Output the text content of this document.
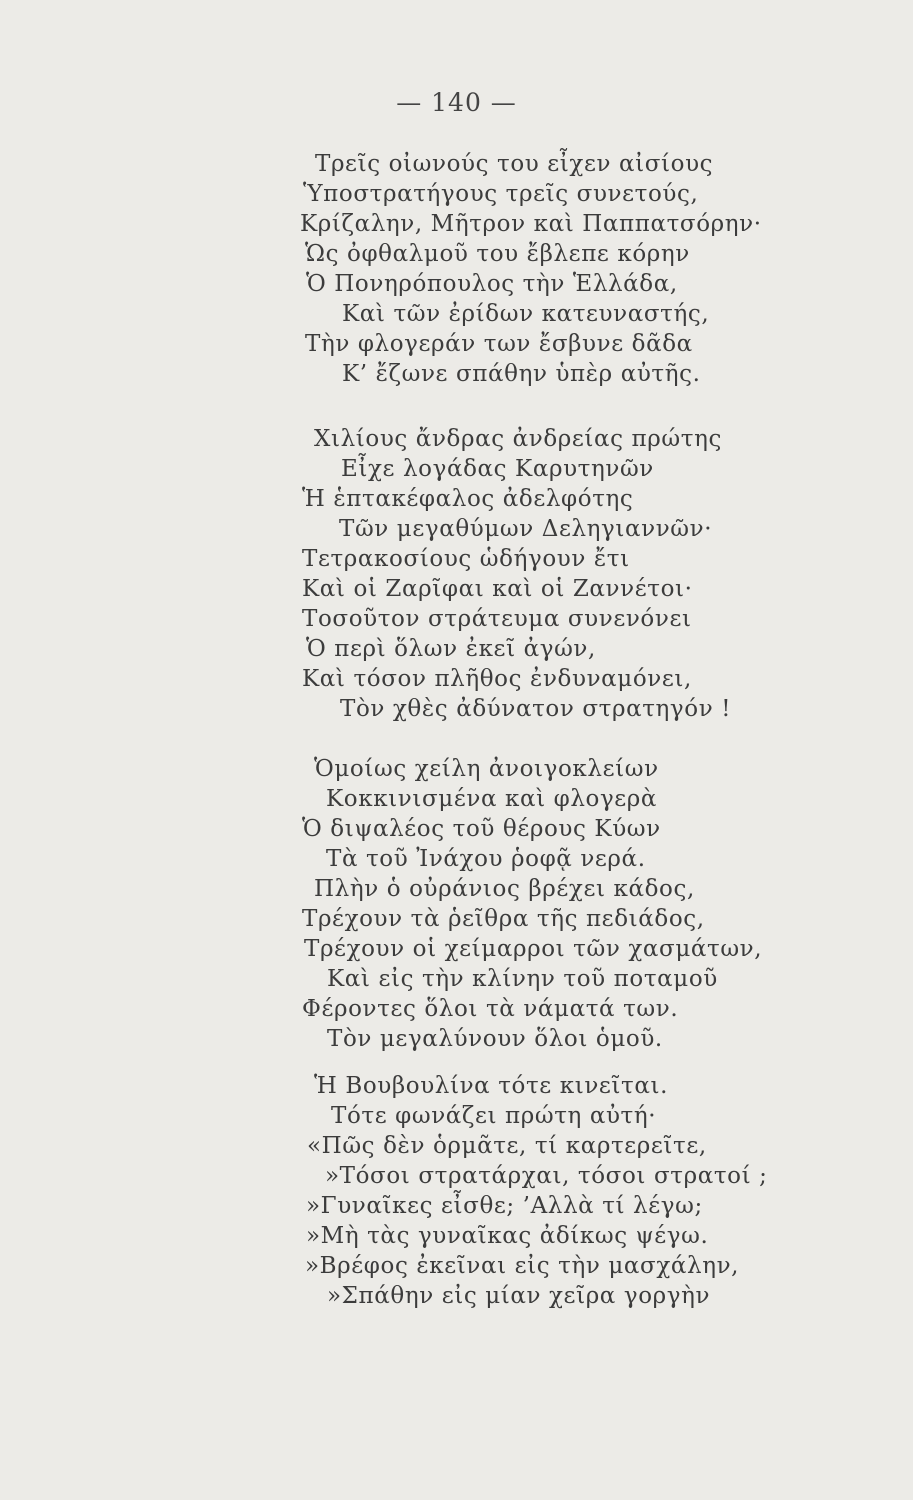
— 140 —
Τρεῖς οἰωνούς του εἶχεν αἰσίους
Ὑποστρατήγους τρεῖς συνετούς,
Κρίζαλην, Μῆτρον καὶ Παππατσόρην·
Ὡς ὀφθαλμοῦ του ἔβλεπε κόρην
Ὁ Πονηρόπουλος τὴν Ἑλλάδα,
Καὶ τῶν ἐρίδων κατευναστής,
Τὴν φλογεράν των ἔσβυνε δᾶδα
Κ’ ἔζωνε σπάθην ὑπὲρ αὐτῆς.
Χιλίους ἄνδρας ἀνδρείας πρώτης
Εἶχε λογάδας Καρυτηνῶν
Ἡ ἑπτακέφαλος ἀδελφότης
Τῶν μεγαθύμων Δεληγιαννῶν·
Τετρακοσίους ὡδήγουν ἔτι
Καὶ οἱ Ζαρῖφαι καὶ οἱ Ζαννέτοι·
Τοσοῦτον στράτευμα συνενόνει
Ὁ περὶ ὅλων ἐκεῖ ἀγών,
Καὶ τόσον πλῆθος ἐνδυναμόνει,
Τὸν χθὲς ἀδύνατον στρατηγόν !
Ὁμοίως χείλη ἀνοιγοκλείων
Κοκκινισμένα καὶ φλογερὰ
Ὁ διψαλέος τοῦ θέρους Κύων
Τὰ τοῦ Ἰνάχου ῥοφᾷ νερά.
Πλὴν ὁ οὐράνιος βρέχει κάδος,
Τρέχουν τὰ ῥεῖθρα τῆς πεδιάδος,
Τρέχουν οἱ χείμαρροι τῶν χασμάτων,
Καὶ εἰς τὴν κλίνην τοῦ ποταμοῦ
Φέροντες ὅλοι τὰ νάματά των.
Τὸν μεγαλύνουν ὅλοι ὁμοῦ.
Ἡ Βουβουλίνα τότε κινεῖται.
Τότε φωνάζει πρώτη αὐτή·
«Πῶς δὲν ὁρμᾶτε, τί καρτερεῖτε,
»Τόσοι στρατάρχαι, τόσοι στρατοί ;
»Γυναῖκες εἶσθε; ’Αλλὰ τί λέγω;
»Μὴ τὰς γυναῖκας ἀδίκως ψέγω.
»Βρέφος ἐκεῖναι εἰς τὴν μασχάλην,
»Σπάθην εἰς μίαν χεῖρα γοργὴν
